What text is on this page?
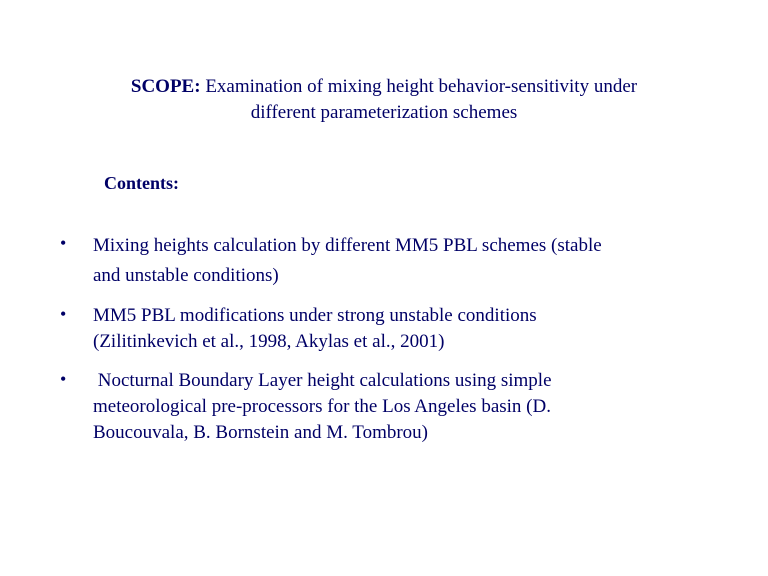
SCOPE: Examination of mixing height behavior-sensitivity under
different parameterization schemes
Contents:
•	Mixing heights calculation by different MM5 PBL schemes (stable
and unstable conditions)
•	MM5 PBL modifications under strong unstable conditions
(Zilitinkevich et al., 1998, Akylas et al., 2001)
•	Nocturnal Boundary Layer height calculations using simple
meteorological pre-processors for the Los Angeles basin (D.
Boucouvala, B. Bornstein and M. Tombrou)
